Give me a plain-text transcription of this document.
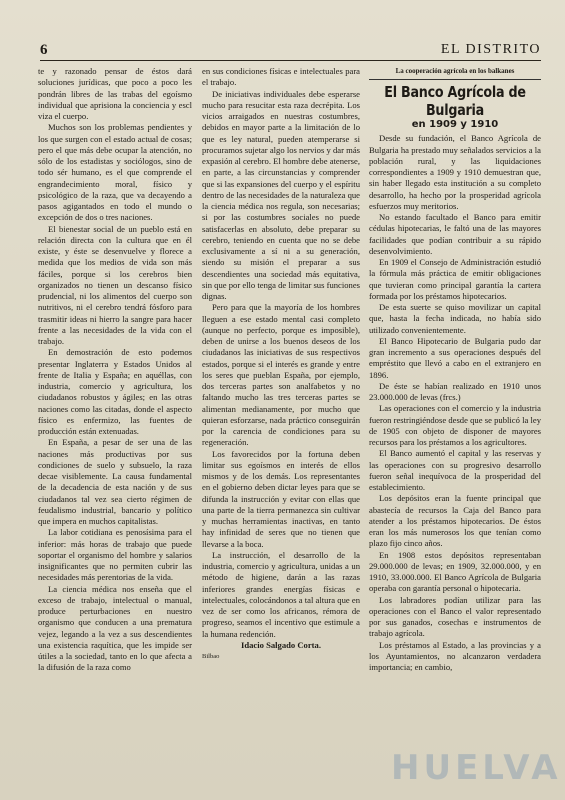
6	EL DISTRITO

te y razonado pensar de éstos dará soluciones jurídicas, que poco a poco les pondrán libres de las trabas del egoísmo individual que aprisiona la conciencia y escl viza el cuerpo.

Muchos son los problemas pendientes y los que surgen con el estado actual de cosas; pero el que más debe ocupar la atención, no sólo de los estadistas y sociólogos, sino de todo sér humano, es el que comprende el engrandecimiento moral, físico y psicológico de la raza, que va decayendo a pasos agigantados en todo el mundo o excepción de dos o tres naciones.

El bienestar social de un pueblo está en relación directa con la cultura que en él existe, y éste se desenvuelve y florece a medida que los medios de vida son más fáciles, porque si los cerebros bien organizados no tienen un descanso físico prudencial, ni los alimentos del cuerpo son nutritivos, ni el cerebro tendrá fósforo para trasmitir ideas ni hierro la sangre para hacer frente a las necesidades de la vida con el trabajo.

En demostración de esto podemos presentar Inglaterra y Estados Unidos al frente de Italia y España; en aquéllas, con industria, comercio y agricultura, los ciudadanos robustos y ágiles; en las otras naciones como las citadas, donde el aspecto físico es enfermizo, las fuentes de producción están extenuadas.

En España, a pesar de ser una de las naciones más productivas por sus condiciones de suelo y subsuelo, la raza decae visiblemente. La causa fundamental de la decadencia de esta nación y de sus ciudadanos tal vez sea cierto régimen de feudalismo industrial, bancario y político que impera en muchos capitalistas.

La labor cotidiana es penosísima para el inferior: más horas de trabajo que puede soportar el organismo del hombre y salarios insignificantes que no permiten cubrir las necesidades más perentorias de la vida.

La ciencia médica nos enseña que el exceso de trabajo, intelectual o manual, produce perturbaciones en nuestro organismo que conducen a una prematura vejez, legando a la vez a sus descendientes una existencia raquítica, que les impide ser útiles a la sociedad, tanto en lo que afecta a la difusión de la raza como

en sus condiciones físicas e intelectuales para el trabajo.

De iniciativas individuales debe esperarse mucho para resucitar esta raza decrépita. Los vicios arraigados en nuestras costumbres, debidos en mayor parte a la limitación de lo que es ley natural, pueden atemperarse si procuramos sujetar algo los nervios y dar más expasión al cerebro. El hombre debe atenerse, en parte, a las circunstancias y comprender que si las expansiones del cuerpo y el espíritu dentro de las necesidades de la naturaleza que la ciencia médica nos regula, son necesarias; si por las costumbres sociales no puede satisfacerlas en absoluto, debe preparar su cerebro, teniendo en cuenta que no se debe exclusivamente a sí ni a su generación, siendo su misión el preparar a sus descendientes una sociedad más equitativa, sin que por ello tenga de limitar sus funciones dignas.

Pero para que la mayoría de los hombres lleguen a ese estado mental casi completo (aunque no perfecto, porque es imposible), deben de unirse a los buenos deseos de los ciudadanos las iniciativas de sus respectivos estados, porque si el interés es grande y entre los seres que pueblan España, por ejemplo, dos terceras partes son analfabetos y no faltando mucho las tres terceras partes se alimentan medianamente, por mucho que quieran esforzarse, nada práctico conseguirán por la carencia de condiciones para su regeneración.

Los favorecidos por la fortuna deben limitar sus egoísmos en interés de ellos mismos y de los demás. Los representantes en el gobierno deben dictar leyes para que se difunda la instrucción y evitar con ellas que una parte de la tierra permanezca sin cultivar y muchas herramientas inactivas, en tanto hay infinidad de seres que no tienen que llevarse a la boca.

La instrucción, el desarrollo de la industria, comercio y agricultura, unidas a un método de higiene, darán a las razas inferiores grandes energías físicas e intelectuales, colocándonos a tal altura que en vez de ser como los africanos, rémora de progreso, seamos el incentivo que estimule a la humana redención.

Idacio Salgado Corta.

Bilbao

La cooperación agrícola en los balkanes
El Banco Agrícola de Bulgaria
en 1909 y 1910

Desde su fundación, el Banco Agrícola de Bulgaria ha prestado muy señalados servicios a la población rural, y las liquidaciones correspondientes a 1909 y 1910 demuestran que, sin haber llegado esta institución a su completo desarrollo, ha hecho por la prosperidad agrícola esfuerzos muy meritorios.

No estando facultado el Banco para emitir cédulas hipotecarias, le faltó una de las mayores facilidades que podían contribuir a su rápido desenvolvimiento.

En 1909 el Consejo de Administración estudió la fórmula más práctica de emitir obligaciones que tuvieran como principal garantía la cartera formada por los préstamos hipotecarios.

De esta suerte se quiso movilizar un capital que, hasta la fecha indicada, no había sido utilizado convenientemente.

El Banco Hipotecario de Bulgaria pudo dar gran incremento a sus operaciones después del empréstito que llevó a cabo en el extranjero en 1896.

De éste se habían realizado en 1910 unos 23.000.000 de levas (frcs.)

Las operaciones con el comercio y la industria fueron restringiéndose desde que se publicó la ley de 1905 con objeto de disponer de mayores recursos para los préstamos a los agricultores.

El Banco aumentó el capital y las reservas y las operaciones con su progresivo desarrollo fueron señal inequívoca de la prosperidad del establecimiento.

Los depósitos eran la fuente principal que abastecía de recursos la Caja del Banco para atender a los préstamos hipotecarios. De éstos eran los más numerosos los que tenían como plazo fijo cinco años.

En 1908 estos depósitos representaban 29.000.000 de levas; en 1909, 32.000.000, y en 1910, 33.000.000. El Banco Agrícola de Bulgaria operaba con garantía personal o hipotecaria.

Los labradores podían utilizar para las operaciones con el Banco el valor representado por sus ganados, cosechas e instrumentos de trabajo agrícola.

Los préstamos al Estado, a las provincias y a los Ayuntamientos, no alcanzaron verdadera importancia; en cambio,

HUELVA
